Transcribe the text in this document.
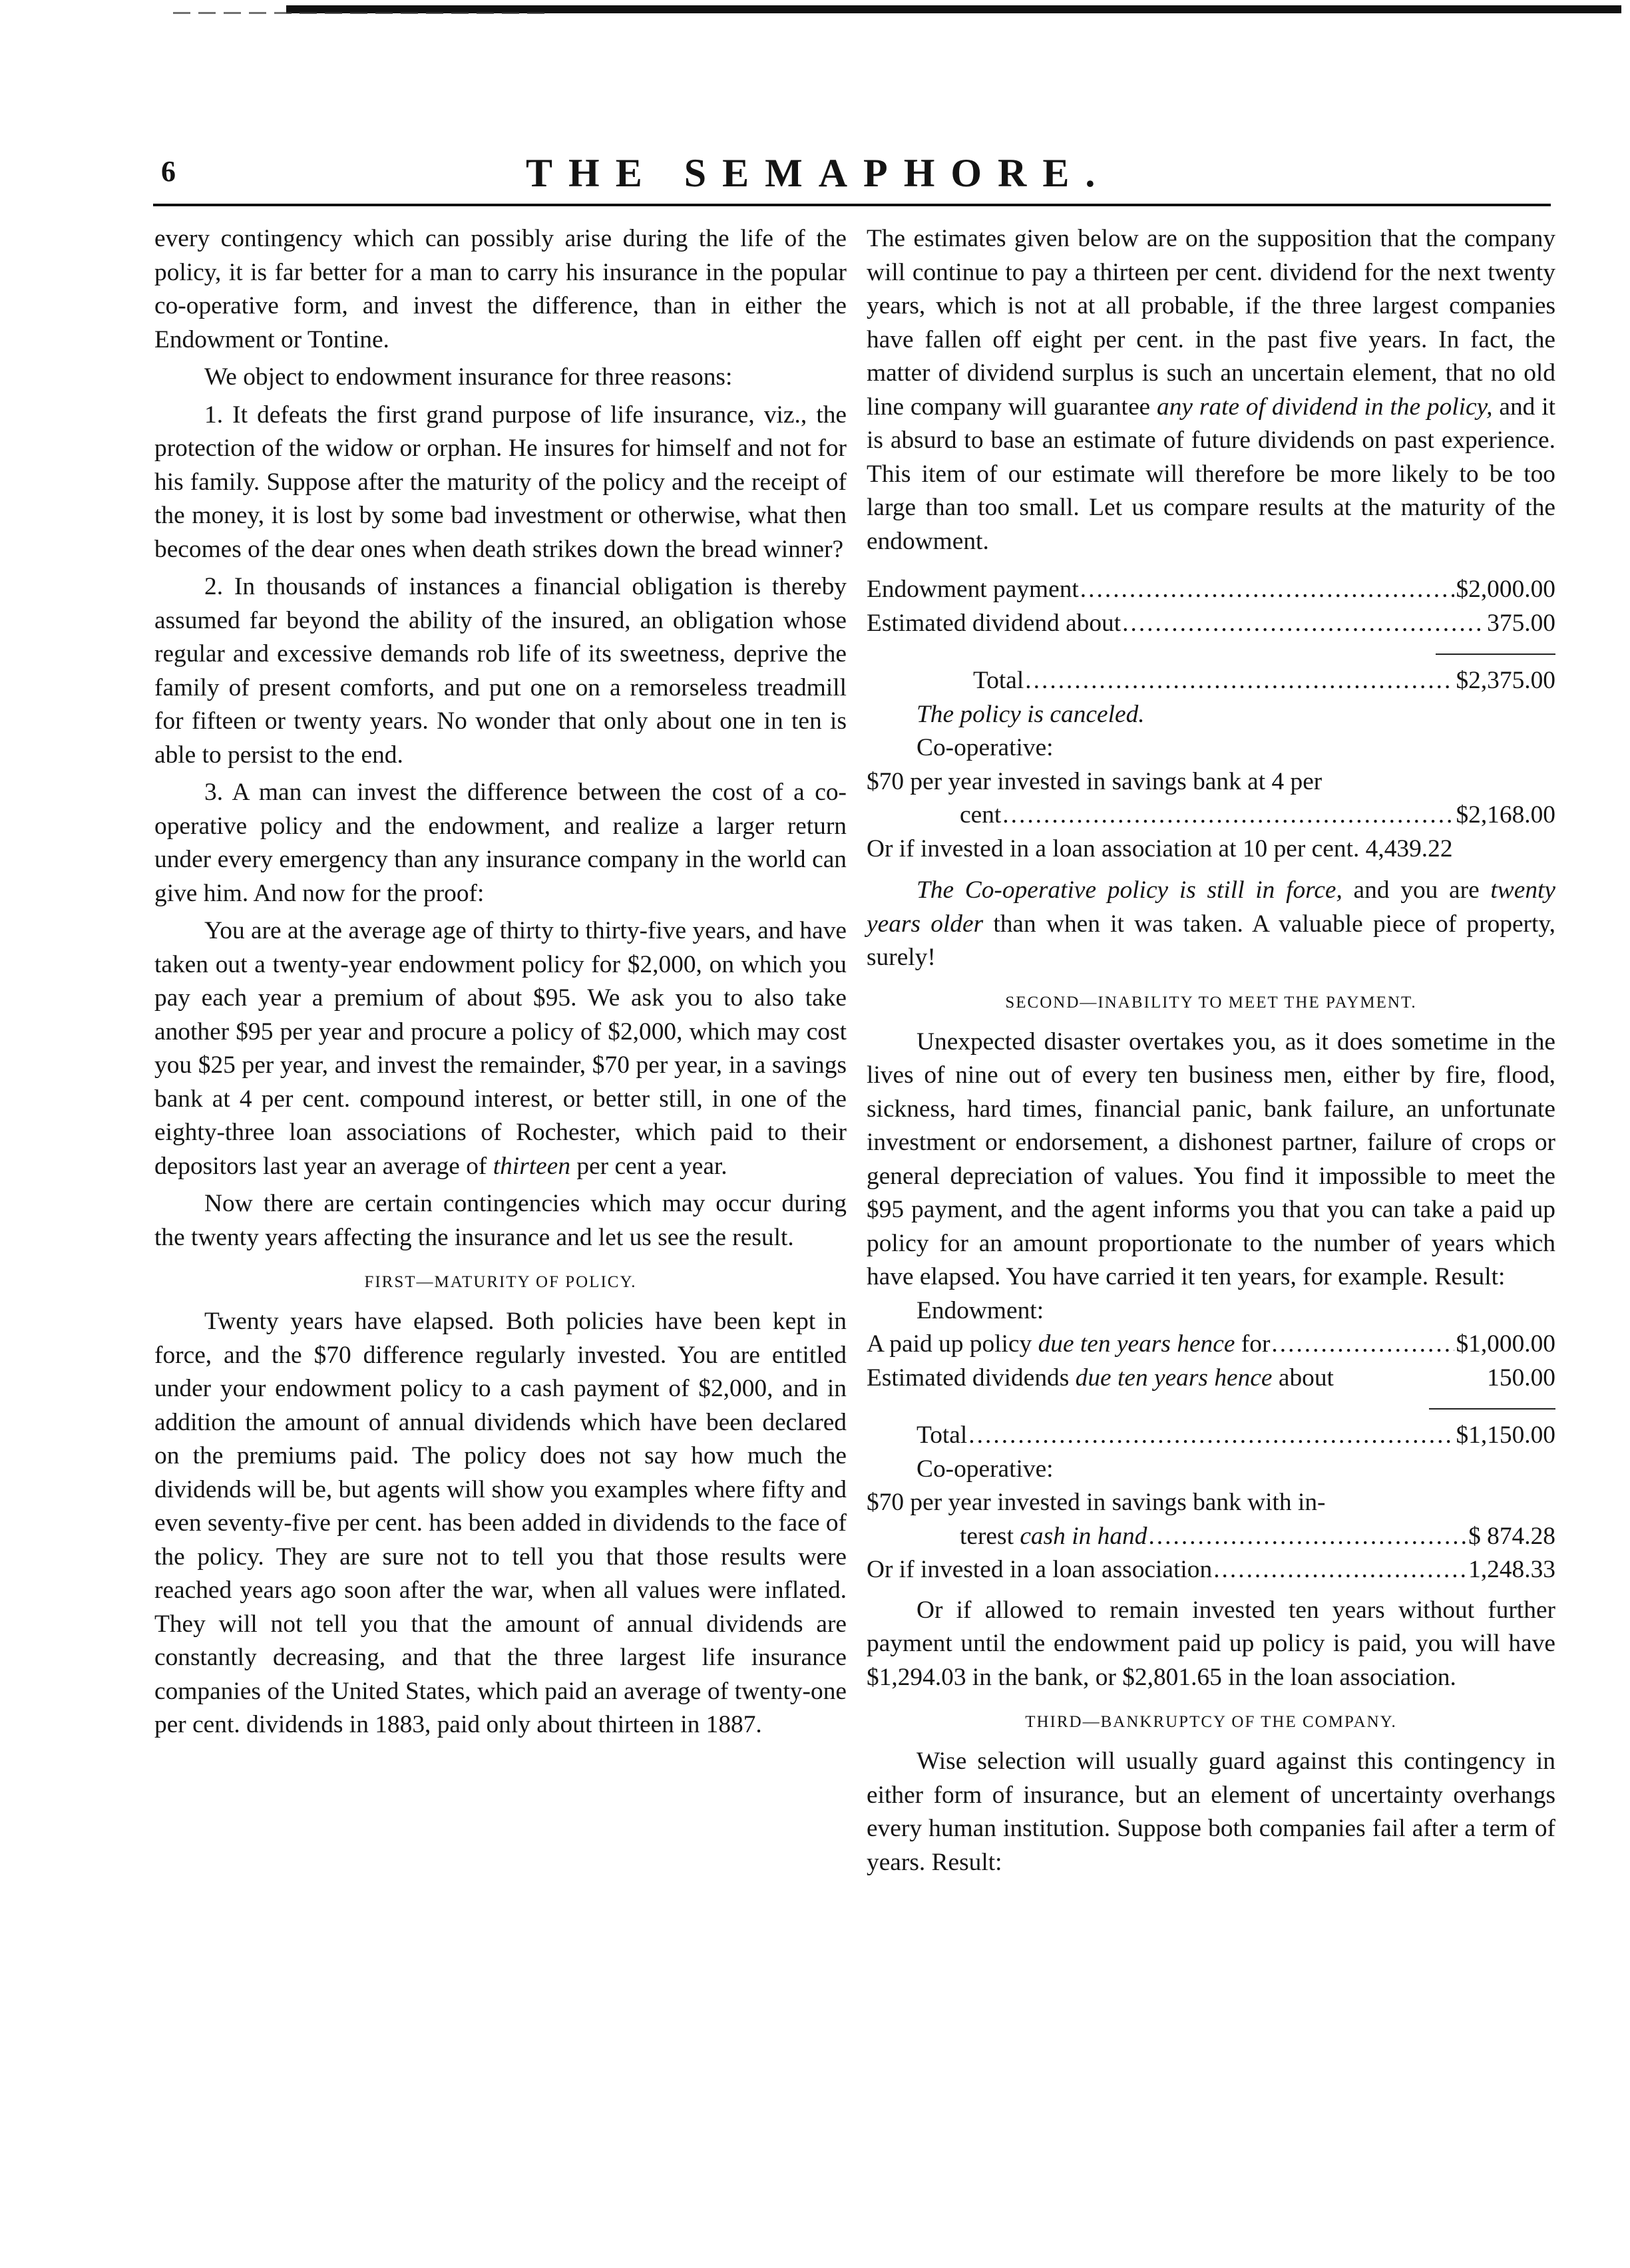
6	THE SEMAPHORE.

every contingency which can possibly arise during the life of the policy, it is far better for a man to carry his insurance in the popular co-operative form, and invest the difference, than in either the Endowment or Tontine.

We object to endowment insurance for three reasons:

1. It defeats the first grand purpose of life insurance, viz., the protection of the widow or orphan. He insures for himself and not for his family. Suppose after the maturity of the policy and the receipt of the money, it is lost by some bad investment or otherwise, what then becomes of the dear ones when death strikes down the bread winner?

2. In thousands of instances a financial obligation is thereby assumed far beyond the ability of the insured, an obligation whose regular and excessive demands rob life of its sweetness, deprive the family of present comforts, and put one on a remorseless treadmill for fifteen or twenty years. No wonder that only about one in ten is able to persist to the end.

3. A man can invest the difference between the cost of a co-operative policy and the endowment, and realize a larger return under every emergency than any insurance company in the world can give him. And now for the proof:

You are at the average age of thirty to thirty-five years, and have taken out a twenty-year endowment policy for $2,000, on which you pay each year a premium of about $95. We ask you to also take another $95 per year and procure a policy of $2,000, which may cost you $25 per year, and invest the remainder, $70 per year, in a savings bank at 4 per cent. compound interest, or better still, in one of the eighty-three loan associations of Rochester, which paid to their depositors last year an average of thirteen per cent a year.

Now there are certain contingencies which may occur during the twenty years affecting the insurance and let us see the result.

FIRST—MATURITY OF POLICY.

Twenty years have elapsed. Both policies have been kept in force, and the $70 difference regularly invested. You are entitled under your endowment policy to a cash payment of $2,000, and in addition the amount of annual dividends which have been declared on the premiums paid. The policy does not say how much the dividends will be, but agents will show you examples where fifty and even seventy-five per cent. has been added in dividends to the face of the policy. They are sure not to tell you that those results were reached years ago soon after the war, when all values were inflated. They will not tell you that the amount of annual dividends are constantly decreasing, and that the three largest life insurance companies of the United States, which paid an average of twenty-one per cent. dividends in 1883, paid only about thirteen in 1887.

The estimates given below are on the supposition that the company will continue to pay a thirteen per cent. dividend for the next twenty years, which is not at all probable, if the three largest companies have fallen off eight per cent. in the past five years. In fact, the matter of dividend surplus is such an uncertain element, that no old line company will guarantee any rate of dividend in the policy, and it is absurd to base an estimate of future dividends on past experience. This item of our estimate will therefore be more likely to be too large than too small. Let us compare results at the maturity of the endowment.

Endowment payment .....	$2,000.00
Estimated dividend about .....	375.00
Total .....	$2,375.00
The policy is canceled.
Co-operative:
$70 per year invested in savings bank at 4 per
cent .....	$2,168.00
Or if invested in a loan association at 10 per cent. 4,439.22

The Co-operative policy is still in force, and you are twenty years older than when it was taken. A valuable piece of property, surely!

SECOND—INABILITY TO MEET THE PAYMENT.

Unexpected disaster overtakes you, as it does sometime in the lives of nine out of every ten business men, either by fire, flood, sickness, hard times, financial panic, bank failure, an unfortunate investment or endorsement, a dishonest partner, failure of crops or general depreciation of values. You find it impossible to meet the $95 payment, and the agent informs you that you can take a paid up policy for an amount proportionate to the number of years which have elapsed. You have carried it ten years, for example. Result:

Endowment:
A paid up policy due ten years hence for .....	$1,000.00
Estimated dividends due ten years hence about	150.00
Total .....	$1,150.00
Co-operative:
$70 per year invested in savings bank with in-
terest cash in hand .....	$ 874.28
Or if invested in a loan association .....	1,248.33

Or if allowed to remain invested ten years without further payment until the endowment paid up policy is paid, you will have $1,294.03 in the bank, or $2,801.65 in the loan association.

THIRD—BANKRUPTCY OF THE COMPANY.

Wise selection will usually guard against this contingency in either form of insurance, but an element of uncertainty overhangs every human institution. Suppose both companies fail after a term of years. Result:
